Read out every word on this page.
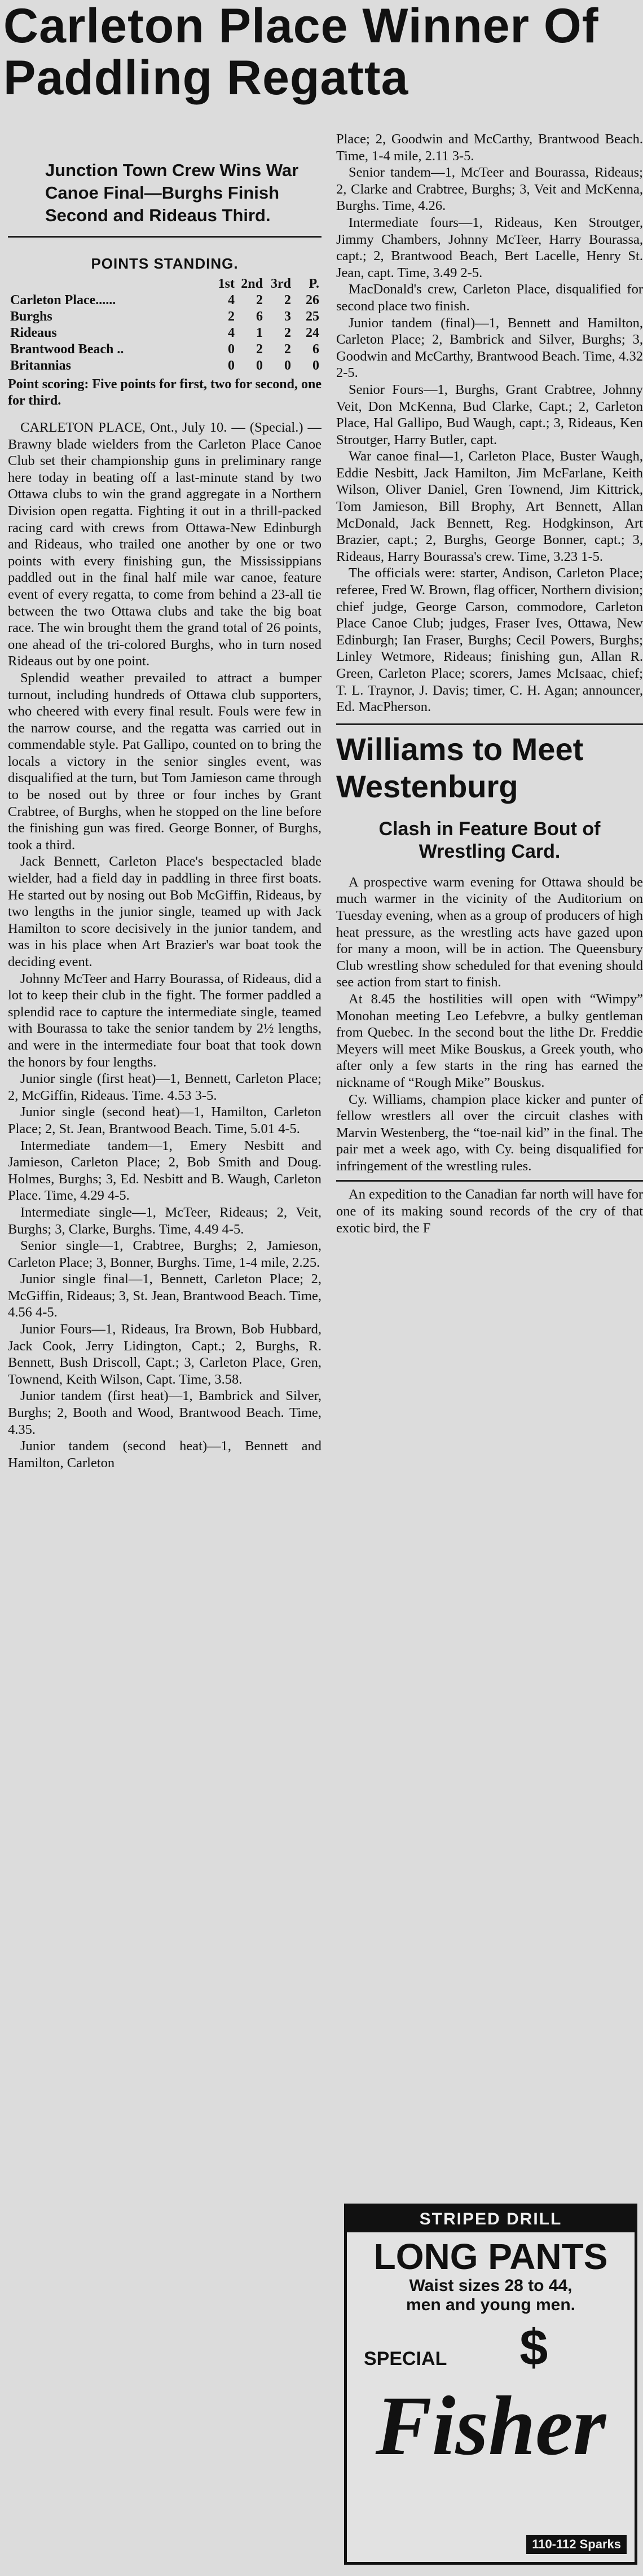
Carleton Place Winner Of Paddling Regatta
Junction Town Crew Wins War Canoe Final—Burghs Finish Second and Rideaus Third.
POINTS STANDING.
	1st	2nd	3rd	P.
Carleton Place......	4	2	2	26
Burghs	2	6	3	25
Rideaus	4	1	2	24
Brantwood Beach ..	0	2	2	6
Britannias	0	0	0	0

Point scoring: Five points for first, two for second, one for third.

CARLETON PLACE, Ont., July 10. — (Special.) — Brawny blade wielders from the Carleton Place Canoe Club set their championship guns in preliminary range here today in beating off a last-minute stand by two Ottawa clubs to win the grand aggregate in a Northern Division open regatta. Fighting it out in a thrill-packed racing card with crews from Ottawa-New Edinburgh and Rideaus, who trailed one another by one or two points with every finishing gun, the Mississippians paddled out in the final half mile war canoe, feature event of every regatta, to come from behind a 23-all tie between the two Ottawa clubs and take the big boat race. The win brought them the grand total of 26 points, one ahead of the tri-colored Burghs, who in turn nosed Rideaus out by one point.

Splendid weather prevailed to attract a bumper turnout, including hundreds of Ottawa club supporters, who cheered with every final result. Fouls were few in the narrow course, and the regatta was carried out in commendable style. Pat Gallipo, counted on to bring the locals a victory in the senior singles event, was disqualified at the turn, but Tom Jamieson came through to be nosed out by three or four inches by Grant Crabtree, of Burghs, when he stopped on the line before the finishing gun was fired. George Bonner, of Burghs, took a third.

Jack Bennett, Carleton Place's bespectacled blade wielder, had a field day in paddling in three first boats. He started out by nosing out Bob McGiffin, Rideaus, by two lengths in the junior single, teamed up with Jack Hamilton to score decisively in the junior tandem, and was in his place when Art Brazier's war boat took the deciding event.

Johnny McTeer and Harry Bourassa, of Rideaus, did a lot to keep their club in the fight. The former paddled a splendid race to capture the intermediate single, teamed with Bourassa to take the senior tandem by 2½ lengths, and were in the intermediate four boat that took down the honors by four lengths.

Junior single (first heat)—1, Bennett, Carleton Place; 2, McGiffin, Rideaus. Time. 4.53 3-5.

Junior single (second heat)—1, Hamilton, Carleton Place; 2, St. Jean, Brantwood Beach. Time, 5.01 4-5.

Intermediate tandem—1, Emery Nesbitt and Jamieson, Carleton Place; 2, Bob Smith and Doug. Holmes, Burghs; 3, Ed. Nesbitt and B. Waugh, Carleton Place. Time, 4.29 4-5.

Intermediate single—1, McTeer, Rideaus; 2, Veit, Burghs; 3, Clarke, Burghs. Time, 4.49 4-5.

Senior single—1, Crabtree, Burghs; 2, Jamieson, Carleton Place; 3, Bonner, Burghs. Time, 1-4 mile, 2.25.

Junior single final—1, Bennett, Carleton Place; 2, McGiffin, Rideaus; 3, St. Jean, Brantwood Beach. Time, 4.56 4-5.

Junior Fours—1, Rideaus, Ira Brown, Bob Hubbard, Jack Cook, Jerry Lidington, Capt.; 2, Burghs, R. Bennett, Bush Driscoll, Capt.; 3, Carleton Place, Gren, Townend, Keith Wilson, Capt. Time, 3.58.

Junior tandem (first heat)—1, Bambrick and Silver, Burghs; 2, Booth and Wood, Brantwood Beach. Time, 4.35.

Junior tandem (second heat)—1, Bennett and Hamilton, Carleton

Place; 2, Goodwin and McCarthy, Brantwood Beach. Time, 1-4 mile, 2.11 3-5.

Senior tandem—1, McTeer and Bourassa, Rideaus; 2, Clarke and Crabtree, Burghs; 3, Veit and McKenna, Burghs. Time, 4.26.

Intermediate fours—1, Rideaus, Ken Stroutger, Jimmy Chambers, Johnny McTeer, Harry Bourassa, capt.; 2, Brantwood Beach, Bert Lacelle, Henry St. Jean, capt. Time, 3.49 2-5.

MacDonald's crew, Carleton Place, disqualified for second place two finish.

Junior tandem (final)—1, Bennett and Hamilton, Carleton Place; 2, Bambrick and Silver, Burghs; 3, Goodwin and McCarthy, Brantwood Beach. Time, 4.32 2-5.

Senior Fours—1, Burghs, Grant Crabtree, Johnny Veit, Don McKenna, Bud Clarke, Capt.; 2, Carleton Place, Hal Gallipo, Bud Waugh, capt.; 3, Rideaus, Ken Stroutger, Harry Butler, capt.

War canoe final—1, Carleton Place, Buster Waugh, Eddie Nesbitt, Jack Hamilton, Jim McFarlane, Keith Wilson, Oliver Daniel, Gren Townend, Jim Kittrick, Tom Jamieson, Bill Brophy, Art Bennett, Allan McDonald, Jack Bennett, Reg. Hodgkinson, Art Brazier, capt.; 2, Burghs, George Bonner, capt.; 3, Rideaus, Harry Bourassa's crew. Time, 3.23 1-5.

The officials were: starter, Andison, Carleton Place; referee, Fred W. Brown, flag officer, Northern division; chief judge, George Carson, commodore, Carleton Place Canoe Club; judges, Fraser Ives, Ottawa, New Edinburgh; Ian Fraser, Burghs; Cecil Powers, Burghs; Linley Wetmore, Rideaus; finishing gun, Allan R. Green, Carleton Place; scorers, James McIsaac, chief; T. L. Traynor, J. Davis; timer, C. H. Agan; announcer, Ed. MacPherson.

Williams to Meet Westenburg
Clash in Feature Bout of Wrestling Card.

A prospective warm evening for Ottawa should be much warmer in the vicinity of the Auditorium on Tuesday evening, when as a group of producers of high heat pressure, as the wrestling acts have gazed upon for many a moon, will be in action. The Queensbury Club wrestling show scheduled for that evening should see action from start to finish.

At 8.45 the hostilities will open with “Wimpy” Monohan meeting Leo Lefebvre, a bulky gentleman from Quebec. In the second bout the lithe Dr. Freddie Meyers will meet Mike Bouskus, a Greek youth, who after only a few starts in the ring has earned the nickname of “Rough Mike” Bouskus.

Cy. Williams, champion place kicker and punter of fellow wrestlers all over the circuit clashes with Marvin Westenberg, the “toe-nail kid” in the final. The pair met a week ago, with Cy. being disqualified for infringement of the wrestling rules.

An expedition to the Canadian far north will have for one of its making sound records of the cry of that exotic bird, the F

STRIPED DRILL
LONG PANTS
Waist sizes 28 to 44,
men and young men.
SPECIAL $
Fisher
110-112 Sparks
